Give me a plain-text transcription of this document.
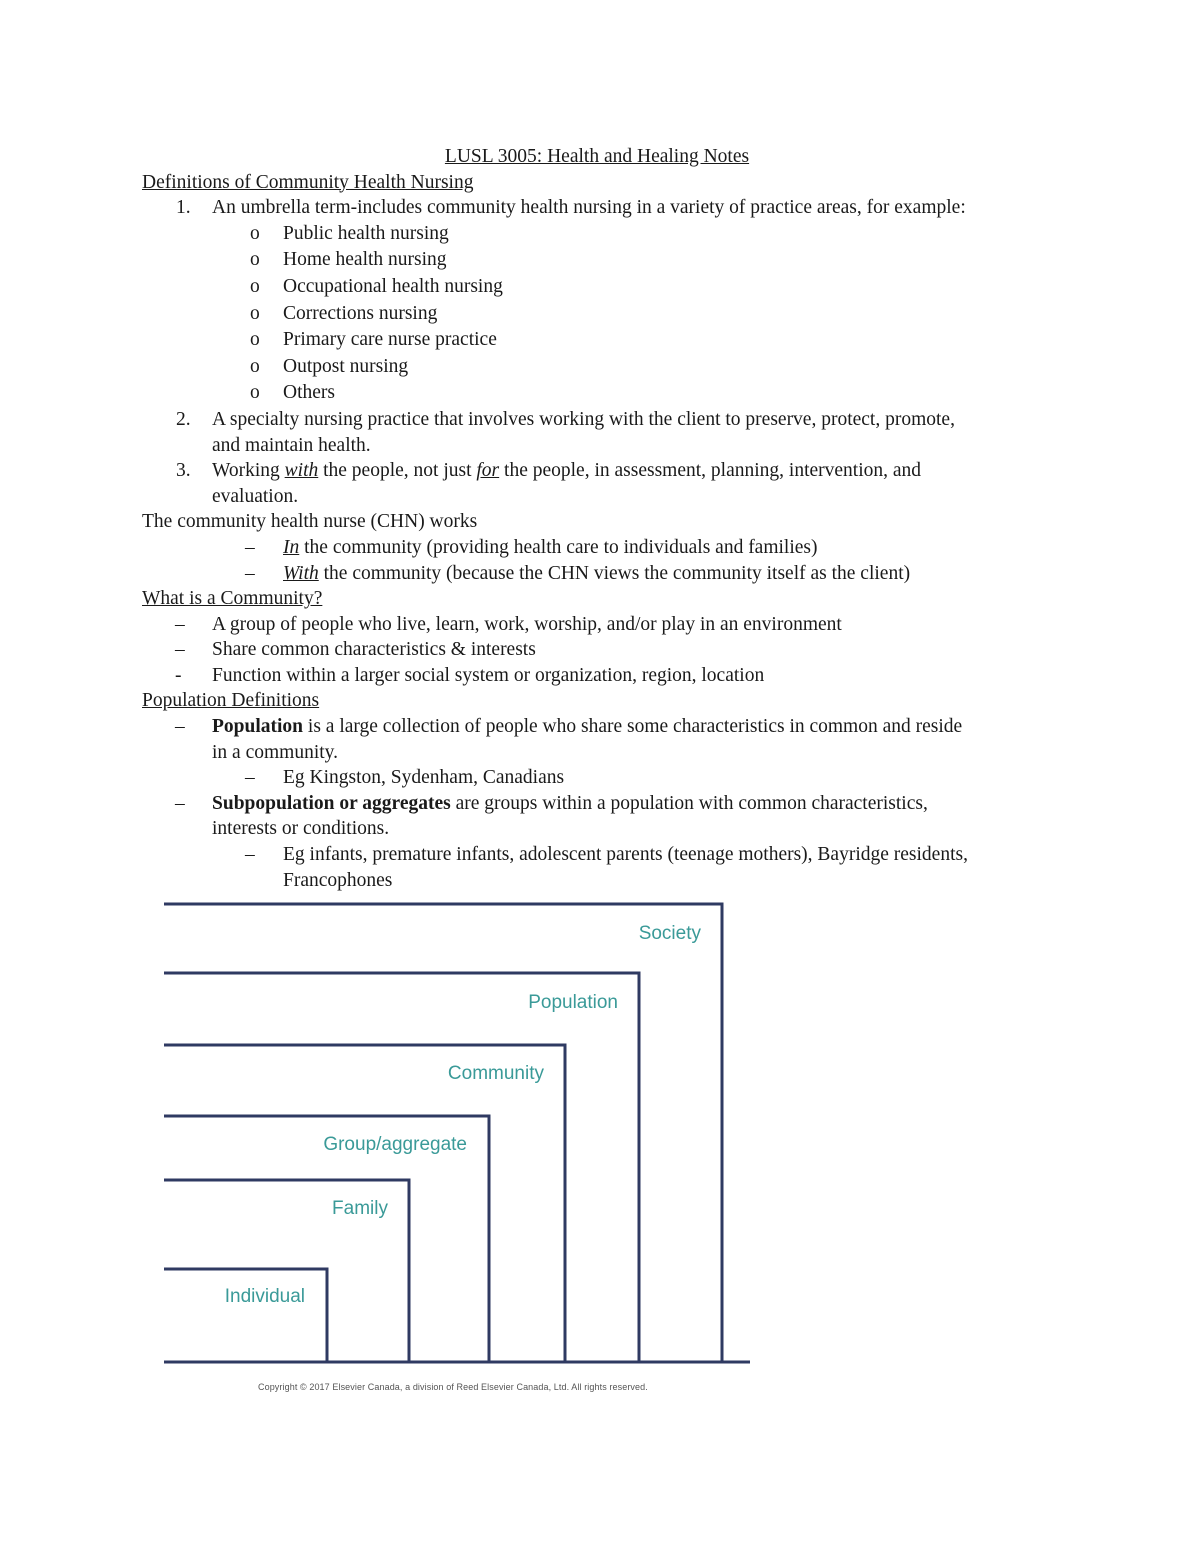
LUSL 3005: Health and Healing Notes
Definitions of Community Health Nursing
1. An umbrella term-includes community health nursing in a variety of practice areas, for example:
o Public health nursing
o Home health nursing
o Occupational health nursing
o Corrections nursing
o Primary care nurse practice
o Outpost nursing
o Others
2. A specialty nursing practice that involves working with the client to preserve, protect, promote,
and maintain health.
3. Working with the people, not just for the people, in assessment, planning, intervention, and
evaluation.
The community health nurse (CHN) works
– In the community (providing health care to individuals and families)
– With the community (because the CHN views the community itself as the client)
What is a Community?
– A group of people who live, learn, work, worship, and/or play in an environment
– Share common characteristics & interests
- Function within a larger social system or organization, region, location
Population Definitions
– Population is a large collection of people who share some characteristics in common and reside
in a community.
– Eg Kingston, Sydenham, Canadians
– Subpopulation or aggregates are groups within a population with common characteristics,
interests or conditions.
– Eg infants, premature infants, adolescent parents (teenage mothers), Bayridge residents,
Francophones
Society
Population
Community
Group/aggregate
Family
Individual
Copyright © 2017 Elsevier Canada, a division of Reed Elsevier Canada, Ltd. All rights reserved.
